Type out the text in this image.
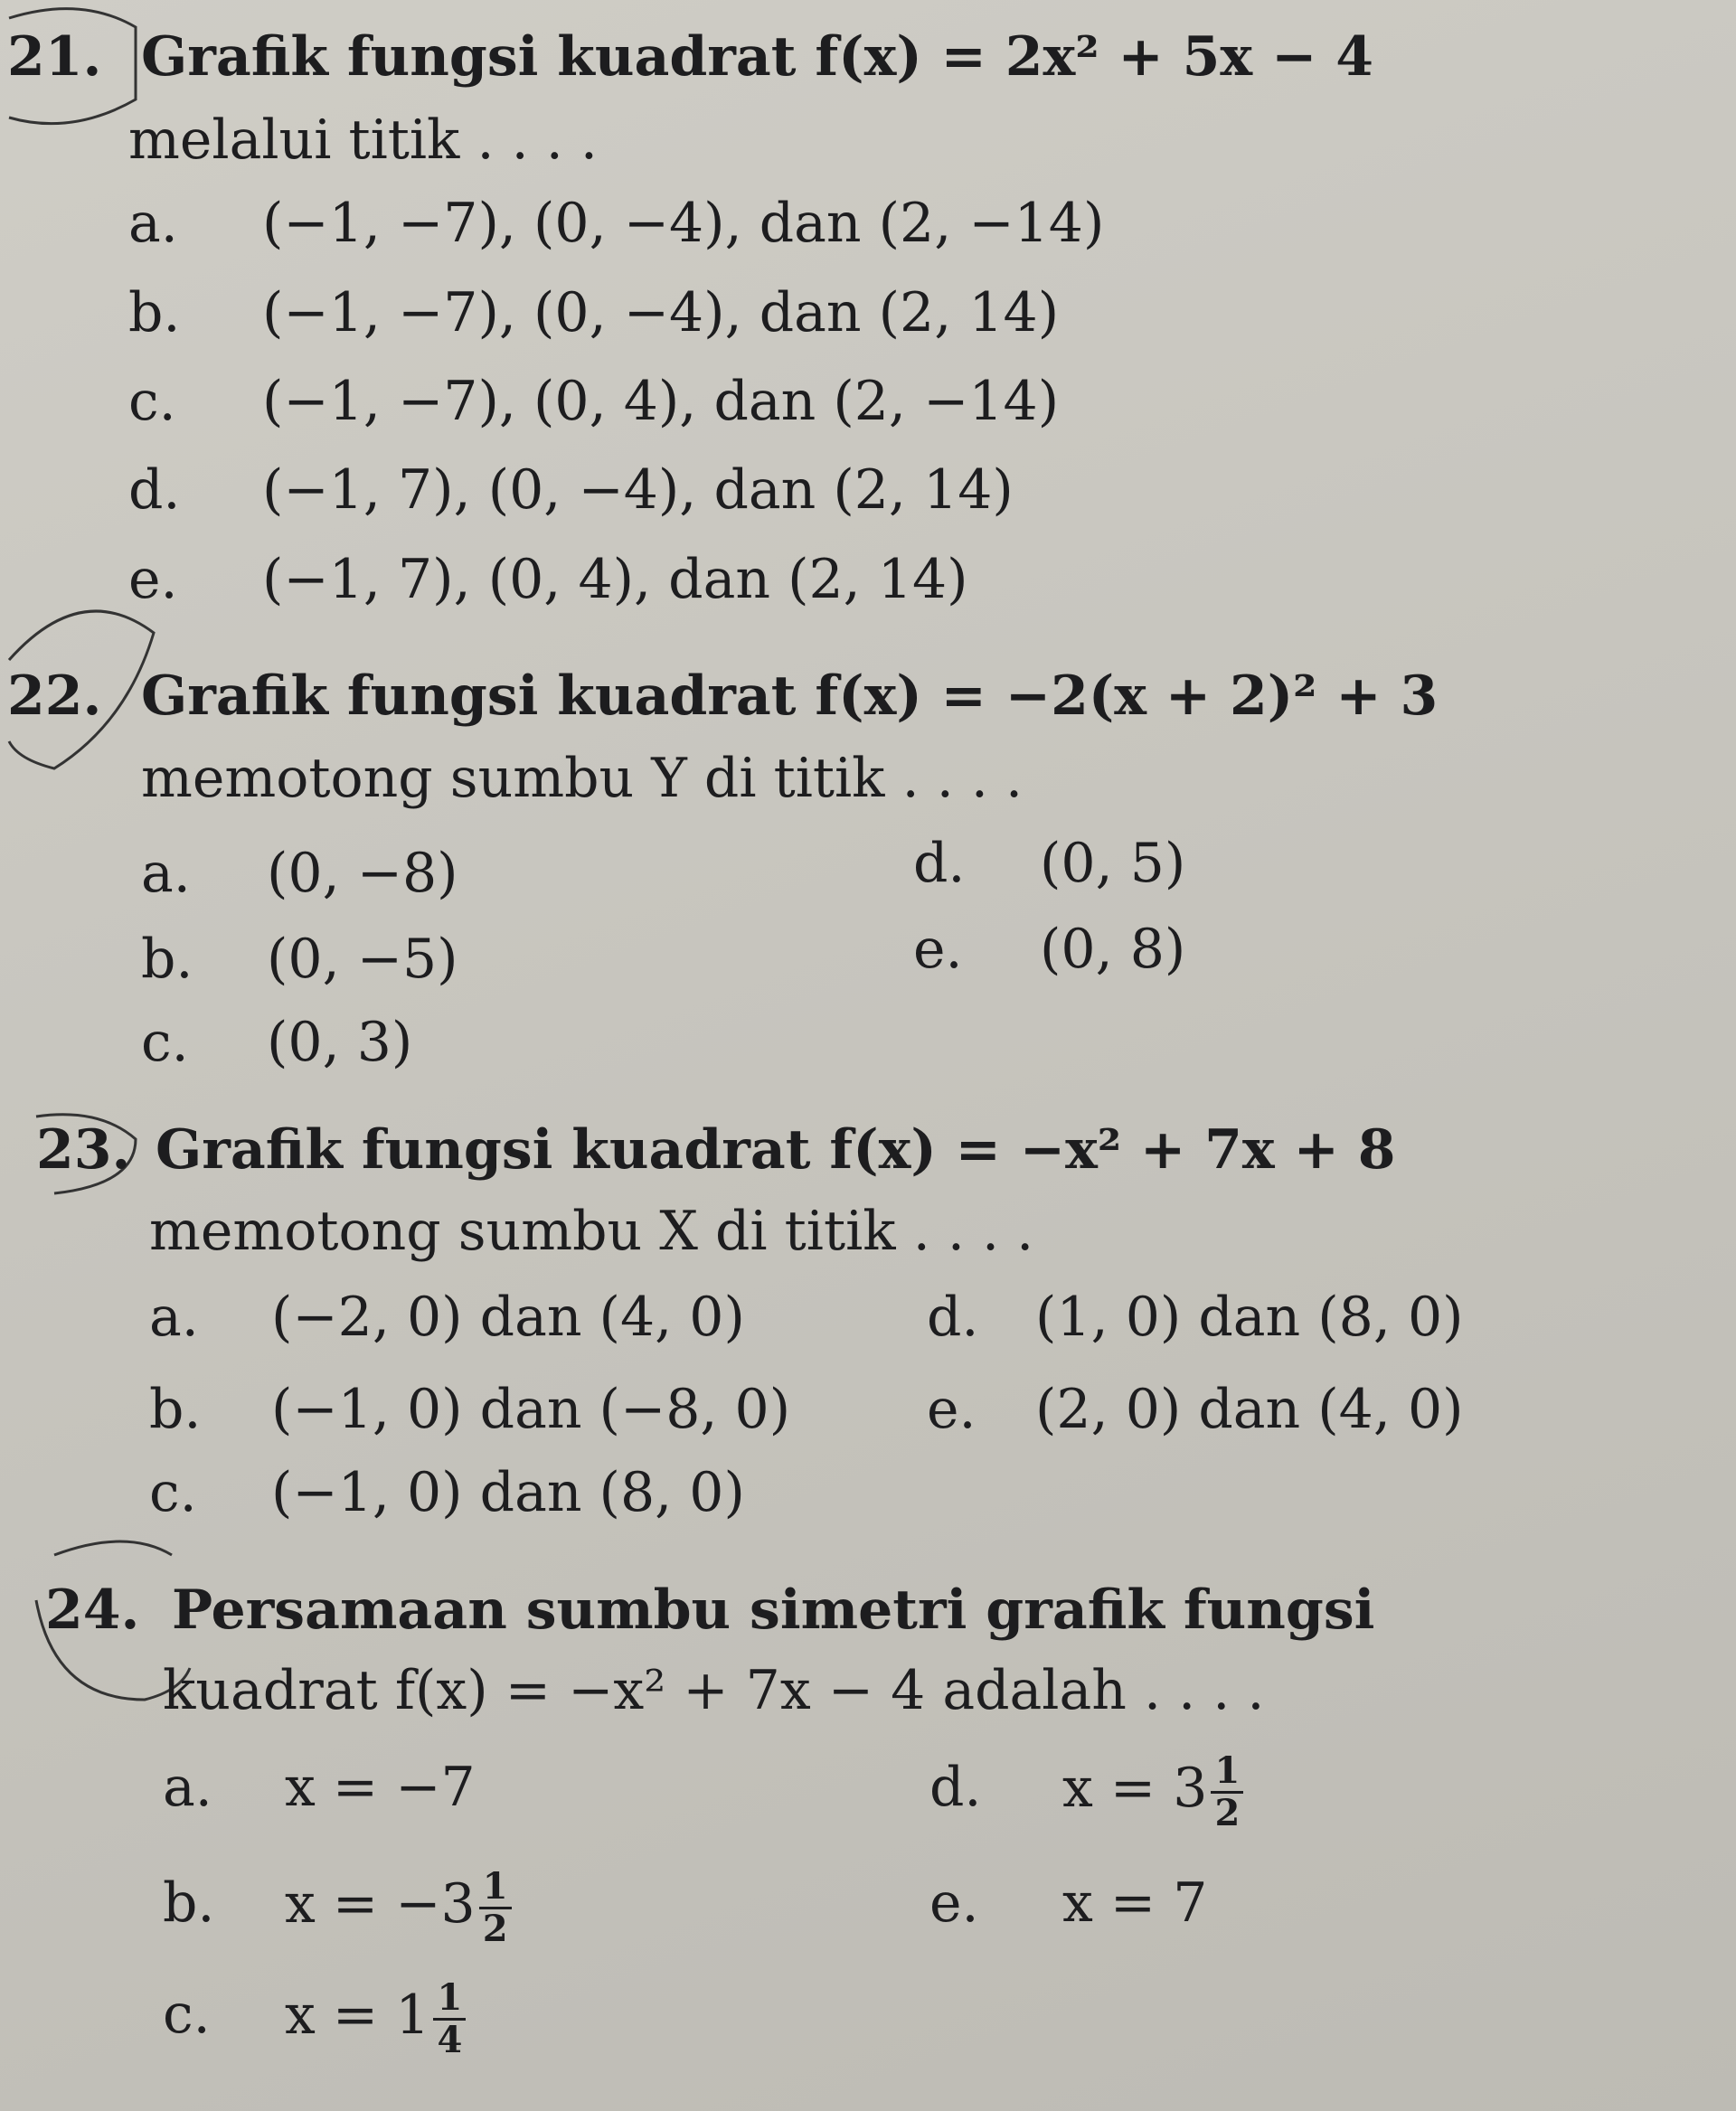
21. Grafik fungsi kuadrat f(x) = 2x² + 5x − 4
melalui titik . . . .
a. (−1, −7), (0, −4), dan (2, −14)
b. (−1, −7), (0, −4), dan (2, 14)
c. (−1, −7), (0, 4), dan (2, −14)
d. (−1, 7), (0, −4), dan (2, 14)
e. (−1, 7), (0, 4), dan (2, 14)
22. Grafik fungsi kuadrat f(x) = −2(x + 2)² + 3
memotong sumbu Y di titik . . . .
a. (0, −8)
b. (0, −5)
c. (0, 3)
d. (0, 5)
e. (0, 8)
23. Grafik fungsi kuadrat f(x) = −x² + 7x + 8
memotong sumbu X di titik . . . .
a. (−2, 0) dan (4, 0)
b. (−1, 0) dan (−8, 0)
c. (−1, 0) dan (8, 0)
d. (1, 0) dan (8, 0)
e. (2, 0) dan (4, 0)
24. Persamaan sumbu simetri grafik fungsi
kuadrat f(x) = −x² + 7x − 4 adalah . . . .
a. x = −7
b. $x = -3 \frac{1}{2}$
c. $x = 1 \frac{1}{4}$
d. $x = 3 \frac{1}{2}$
e. x = 7
